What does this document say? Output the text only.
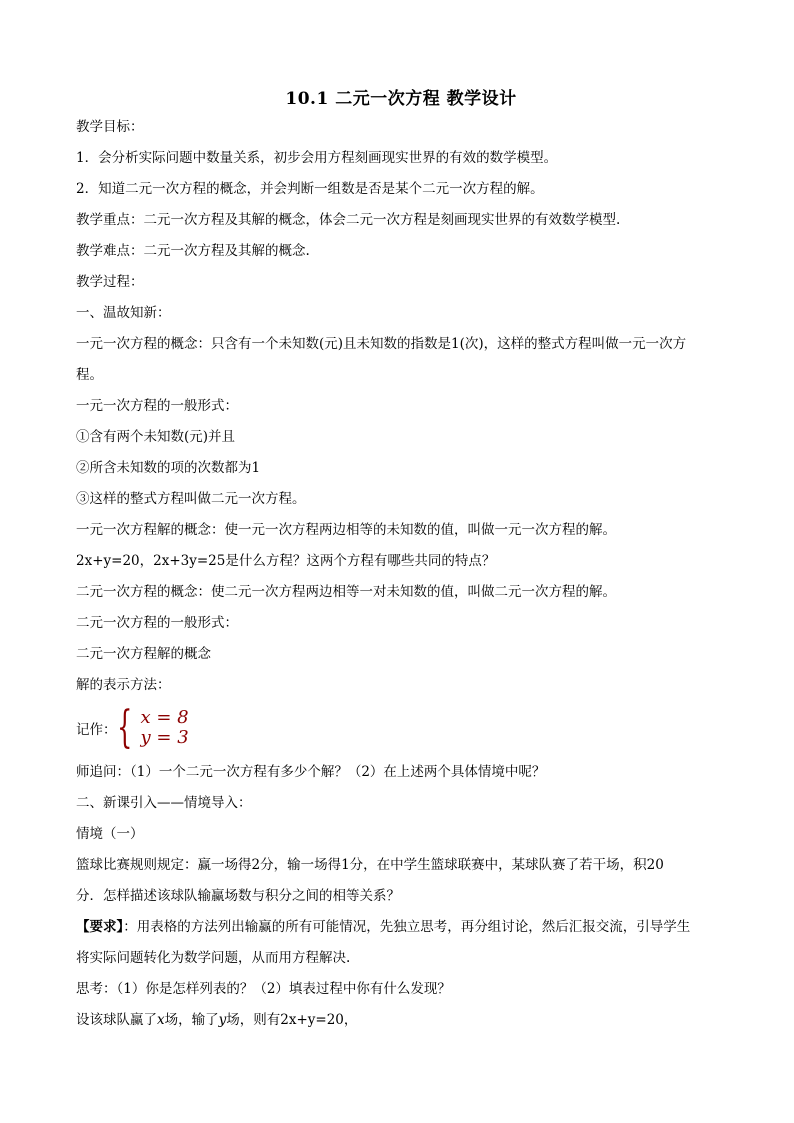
10.1 二元一次方程 教学设计
教学目标：
1．会分析实际问题中数量关系，初步会用方程刻画现实世界的有效的数学模型。
2．知道二元一次方程的概念，并会判断一组数是否是某个二元一次方程的解。
教学重点：二元一次方程及其解的概念，体会二元一次方程是刻画现实世界的有效数学模型.
教学难点：二元一次方程及其解的概念.
教学过程：
一、温故知新：
一元一次方程的概念：只含有一个未知数(元)且未知数的指数是1(次)，这样的整式方程叫做一元一次方
程。
一元一次方程的一般形式：
①含有两个未知数(元)并且
②所含未知数的项的次数都为1
③这样的整式方程叫做二元一次方程。
一元一次方程解的概念：使一元一次方程两边相等的未知数的值，叫做一元一次方程的解。
2x+y=20，2x+3y=25是什么方程？这两个方程有哪些共同的特点？
二元一次方程的概念：使二元一次方程两边相等一对未知数的值，叫做二元一次方程的解。
二元一次方程的一般形式：
二元一次方程解的概念
解的表示方法：
记作： { x = 8
y = 3
师追问：（1）一个二元一次方程有多少个解？（2）在上述两个具体情境中呢？
二、新课引入——情境导入：
情境（一）
篮球比赛规则规定：赢一场得2分，输一场得1分，在中学生篮球联赛中，某球队赛了若干场，积20
分．怎样描述该球队输赢场数与积分之间的相等关系？
【要求】：用表格的方法列出输赢的所有可能情况，先独立思考，再分组讨论，然后汇报交流，引导学生
将实际问题转化为数学问题，从而用方程解决.
思考：（1）你是怎样列表的？（2）填表过程中你有什么发现？
设该球队赢了x场，输了y场，则有2x+y=20，
